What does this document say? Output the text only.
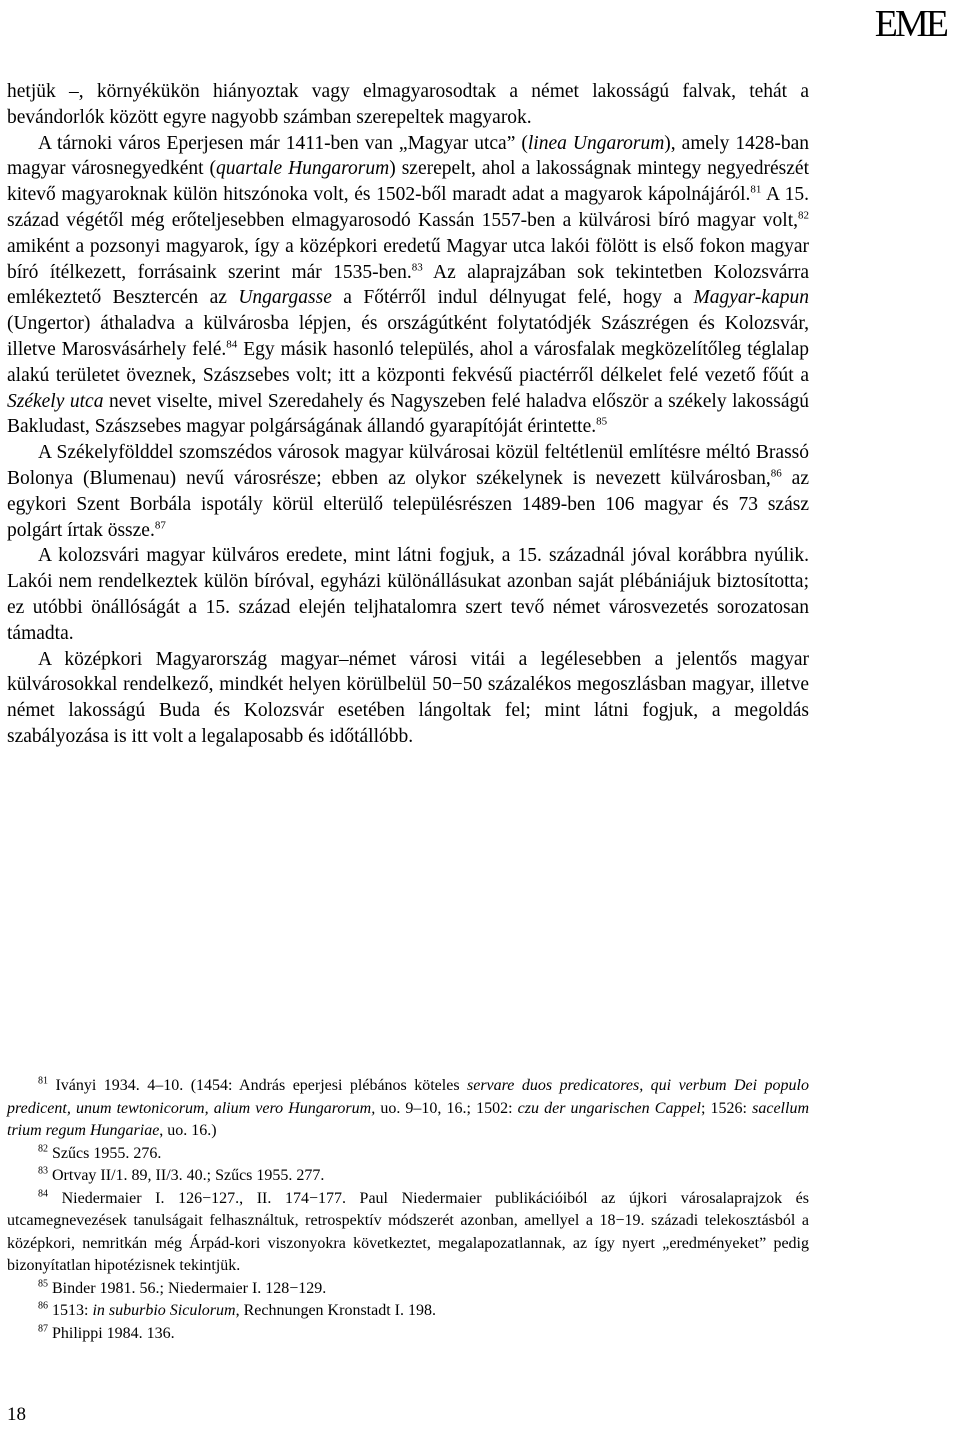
EME

hetjük –, környékükön hiányoztak vagy elmagyarosodtak a német lakosságú falvak, tehát a bevándorlók között egyre nagyobb számban szerepeltek magyarok.

A tárnoki város Eperjesen már 1411-ben van „Magyar utca” (linea Ungarorum), amely 1428-ban magyar városnegyedként (quartale Hungarorum) szerepelt, ahol a lakosságnak mintegy negyedrészét kitevő magyaroknak külön hitszónoka volt, és 1502-ből maradt adat a magyarok kápolnájáról.$^{81}$ A 15. század végétől még erőteljesebben elmagyarosodó Kassán 1557-ben a külvárosi bíró magyar volt,$^{82}$ amiként a pozsonyi magyarok, így a középkori eredetű Magyar utca lakói fölött is első fokon magyar bíró ítélkezett, forrásaink szerint már 1535-ben.$^{83}$ Az alaprajzában sok tekintetben Kolozsvárra emlékeztető Besztercén az Ungargasse a Főtérről indul délnyugat felé, hogy a Magyar-kapun (Ungertor) áthaladva a külvárosba lépjen, és országútként folytatódjék Szászrégen és Kolozsvár, illetve Marosvásárhely felé.$^{84}$ Egy másik hasonló település, ahol a városfalak megközelítőleg téglalap alakú területet öveznek, Szászsebes volt; itt a központi fekvésű piactérről délkelet felé vezető főút a Székely utca nevet viselte, mivel Szeredahely és Nagyszeben felé haladva először a székely lakosságú Bakludast, Szászsebes magyar polgárságának állandó gyarapítóját érintette.$^{85}$

A Székelyfölddel szomszédos városok magyar külvárosai közül feltétlenül említésre méltó Brassó Bolonya (Blumenau) nevű városrésze; ebben az olykor székelynek is nevezett külvárosban,$^{86}$ az egykori Szent Borbála ispotály körül elterülő településrészen 1489-ben 106 magyar és 73 szász polgárt írtak össze.$^{87}$

A kolozsvári magyar külváros eredete, mint látni fogjuk, a 15. századnál jóval korábbra nyúlik. Lakói nem rendelkeztek külön bíróval, egyházi különállásukat azonban saját plébániájuk biztosította; ez utóbbi önállóságát a 15. század elején teljhatalomra szert tevő német városvezetés sorozatosan támadta.

A középkori Magyarország magyar–német városi vitái a legélesebben a jelentős magyar külvárosokkal rendelkező, mindkét helyen körülbelül 50−50 százalékos megoszlásban magyar, illetve német lakosságú Buda és Kolozsvár esetében lángoltak fel; mint látni fogjuk, a megoldás szabályozása is itt volt a legalaposabb és időtállóbb.

$^{81}$ Iványi 1934. 4–10. (1454: András eperjesi plébános köteles servare duos predicatores, qui verbum Dei populo predicent, unum tewtonicorum, alium vero Hungarorum, uo. 9–10, 16.; 1502: czu der ungarischen Cappel; 1526: sacellum trium regum Hungariae, uo. 16.)

$^{82}$ Szűcs 1955. 276.

$^{83}$ Ortvay II/1. 89, II/3. 40.; Szűcs 1955. 277.

$^{84}$ Niedermaier I. 126−127., II. 174−177. Paul Niedermaier publikációiból az újkori városalaprajzok és utcamegnevezések tanulságait felhasználtuk, retrospektív módszerét azonban, amellyel a 18−19. századi telekosztásból a középkori, nemritkán még Árpád-kori viszonyokra következtet, megalapozatlannak, az így nyert „eredményeket” pedig bizonyítatlan hipotézisnek tekintjük.

$^{85}$ Binder 1981. 56.; Niedermaier I. 128−129.

$^{86}$ 1513: in suburbio Siculorum, Rechnungen Kronstadt I. 198.

$^{87}$ Philippi 1984. 136.

18
